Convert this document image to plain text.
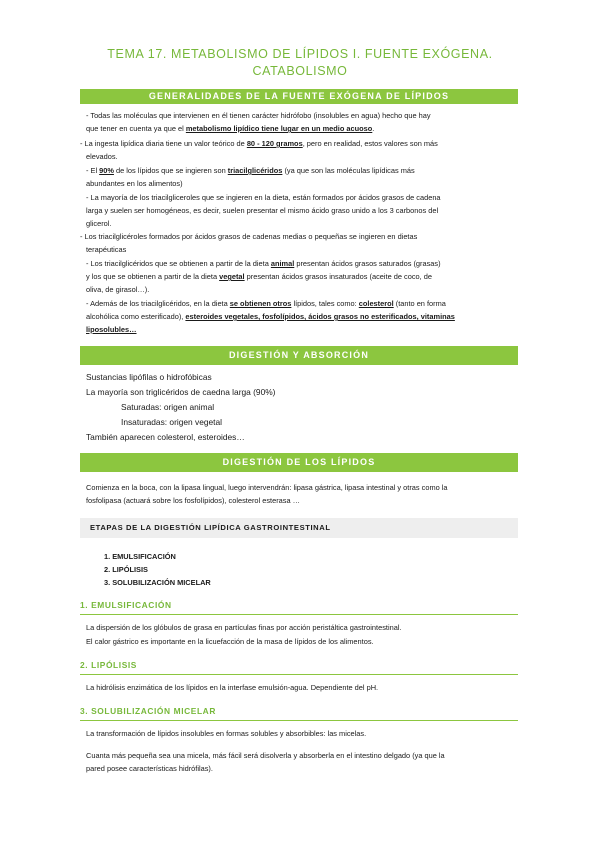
TEMA 17. METABOLISMO DE LÍPIDOS I. FUENTE EXÓGENA.
CATABOLISMO
GENERALIDADES DE LA FUENTE EXÓGENA DE LÍPIDOS
- Todas las moléculas que intervienen en él tienen carácter hidrófobo (insolubles en agua) hecho que hay
que tener en cuenta ya que el metabolismo lipídico tiene lugar en un medio acuoso.
- La ingesta lipídica diaria tiene un valor teórico de 80 - 120 gramos, pero en realidad, estos valores son más
elevados.
- El 90% de los lípidos que se ingieren son triacilglicéridos (ya que son las moléculas lipídicas más
abundantes en los alimentos)
- La mayoría de los triacilgliceroles que se ingieren en la dieta, están formados por ácidos grasos de cadena
larga y suelen ser homogéneos, es decir, suelen presentar el mismo ácido graso unido a los 3 carbonos del
glicerol.
- Los triacilglicéroles formados por ácidos grasos de cadenas medias o pequeñas se ingieren en dietas
terapéuticas
- Los triacilglicéridos que se obtienen a partir de la dieta animal presentan ácidos grasos saturados (grasas)
y los que se obtienen a partir de la dieta vegetal presentan ácidos grasos insaturados (aceite de coco, de
oliva, de girasol…).
- Además de los triacilglicéridos, en la dieta se obtienen otros lípidos, tales como: colesterol (tanto en forma
alcohólica como esterificado), esteroides vegetales, fosfolípidos, ácidos grasos no esterificados, vitaminas
liposolubles…
DIGESTIÓN Y ABSORCIÓN
Sustancias lipófilas o hidrofóbicas
La mayoría son triglicéridos de caedna larga (90%)
Saturadas: origen animal
Insaturadas: origen vegetal
También aparecen colesterol, esteroides…
DIGESTIÓN DE LOS LÍPIDOS
Comienza en la boca, con la lipasa lingual, luego intervendrán: lipasa gástrica, lipasa intestinal y otras como la
fosfolipasa (actuará sobre los fosfolípidos), colesterol esterasa …
ETAPAS DE LA DIGESTIÓN LIPÍDICA GASTROINTESTINAL
1. EMULSIFICACIÓN
2. LIPÓLISIS
3. SOLUBILIZACIÓN MICELAR
1. EMULSIFICACIÓN
La dispersión de los glóbulos de grasa en partículas finas por acción peristáltica gastrointestinal.
El calor gástrico es importante en la licuefacción de la masa de lípidos de los alimentos.
2. LIPÓLISIS
La hidrólisis enzimática de los lípidos en la interfase emulsión-agua. Dependiente del pH.
3. SOLUBILIZACIÓN MICELAR
La transformación de lípidos insolubles en formas solubles y absorbibles: las micelas.
Cuanta más pequeña sea una micela, más fácil será disolverla y absorberla en el intestino delgado (ya que la
pared posee características hidrófilas).
